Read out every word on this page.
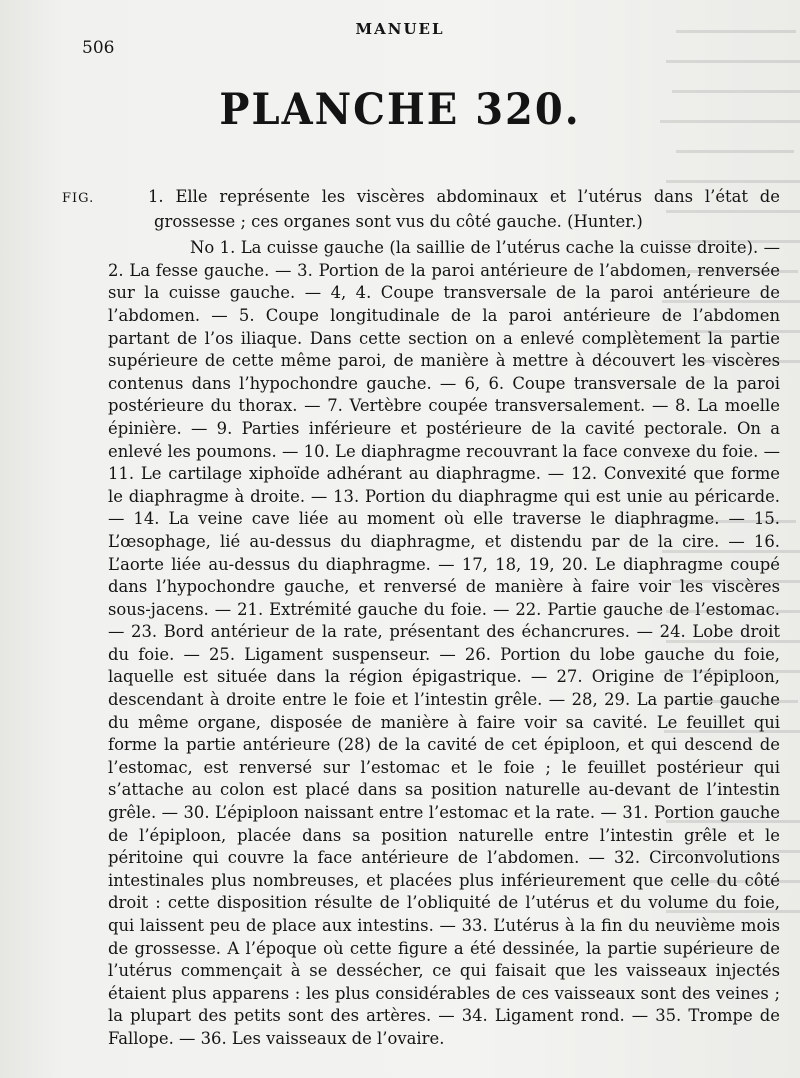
MANUEL
506
PLANCHE 320.

FIG.	1. Elle représente les viscères abdominaux et l’utérus dans l’état de grossesse ; ces organes sont vus du côté gauche. (Hunter.)

No 1. La cuisse gauche (la saillie de l’utérus cache la cuisse droite). — 2. La fesse gauche. — 3. Portion de la paroi antérieure de l’abdomen, renversée sur la cuisse gauche. — 4, 4. Coupe transversale de la paroi antérieure de l’abdomen. — 5. Coupe longitudinale de la paroi antérieure de l’abdomen partant de l’os iliaque. Dans cette section on a enlevé complètement la partie supérieure de cette même paroi, de manière à mettre à découvert les viscères contenus dans l’hypochondre gauche. — 6, 6. Coupe transversale de la paroi postérieure du thorax. — 7. Vertèbre coupée transversalement. — 8. La moelle épinière. — 9. Parties inférieure et postérieure de la cavité pectorale. On a enlevé les poumons. — 10. Le diaphragme recouvrant la face convexe du foie. — 11. Le cartilage xiphoïde adhérant au diaphragme. — 12. Convexité que forme le diaphragme à droite. — 13. Portion du diaphragme qui est unie au péricarde. — 14. La veine cave liée au moment où elle traverse le diaphragme. — 15. L’œsophage, lié au-dessus du diaphragme, et distendu par de la cire. — 16. L’aorte liée au-dessus du diaphragme. — 17, 18, 19, 20. Le diaphragme coupé dans l’hypochondre gauche, et renversé de manière à faire voir les viscères sous-jacens. — 21. Extrémité gauche du foie. — 22. Partie gauche de l’estomac. — 23. Bord antérieur de la rate, présentant des échancrures. — 24. Lobe droit du foie. — 25. Ligament suspenseur. — 26. Portion du lobe gauche du foie, laquelle est située dans la région épigastrique. — 27. Origine de l’épiploon, descendant à droite entre le foie et l’intestin grêle. — 28, 29. La partie gauche du même organe, disposée de manière à faire voir sa cavité. Le feuillet qui forme la partie antérieure (28) de la cavité de cet épiploon, et qui descend de l’estomac, est renversé sur l’estomac et le foie ; le feuillet postérieur qui s’attache au colon est placé dans sa position naturelle au-devant de l’intestin grêle. — 30. L’épiploon naissant entre l’estomac et la rate. — 31. Portion gauche de l’épiploon, placée dans sa position naturelle entre l’intestin grêle et le péritoine qui couvre la face antérieure de l’abdomen. — 32. Circonvolutions intestinales plus nombreuses, et placées plus inférieurement que celle du côté droit : cette disposition résulte de l’obliquité de l’utérus et du volume du foie, qui laissent peu de place aux intestins. — 33. L’utérus à la fin du neuvième mois de grossesse. A l’époque où cette figure a été dessinée, la partie supérieure de l’utérus commençait à se dessécher, ce qui faisait que les vaisseaux injectés étaient plus apparens : les plus considérables de ces vaisseaux sont des veines ; la plupart des petits sont des artères. — 34. Ligament rond. — 35. Trompe de Fallope. — 36. Les vaisseaux de l’ovaire.
